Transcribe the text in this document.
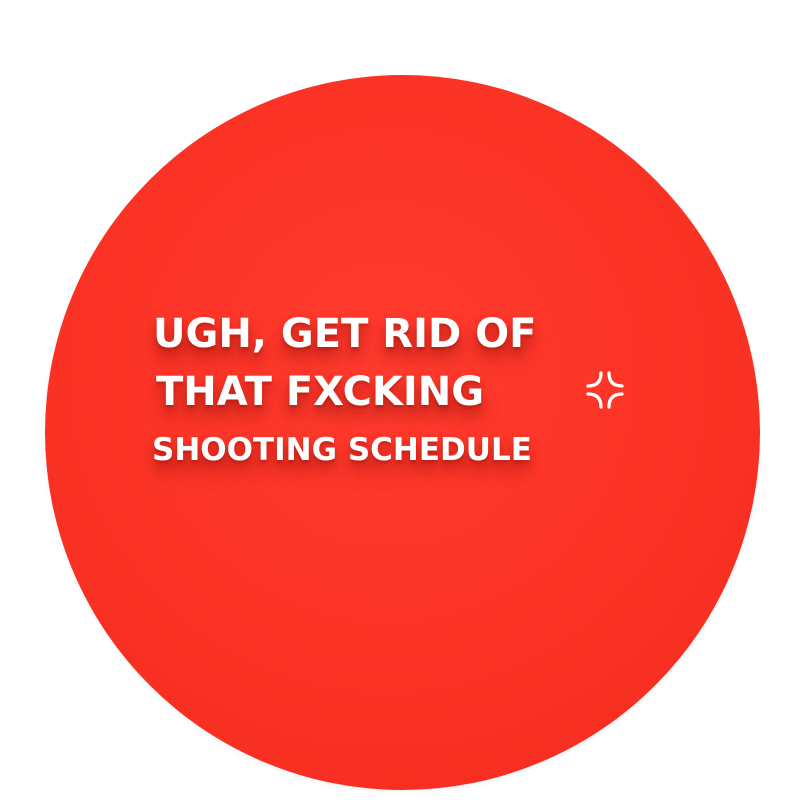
UGH, GET RID OF
THAT FXCKING
SHOOTING SCHEDULE
